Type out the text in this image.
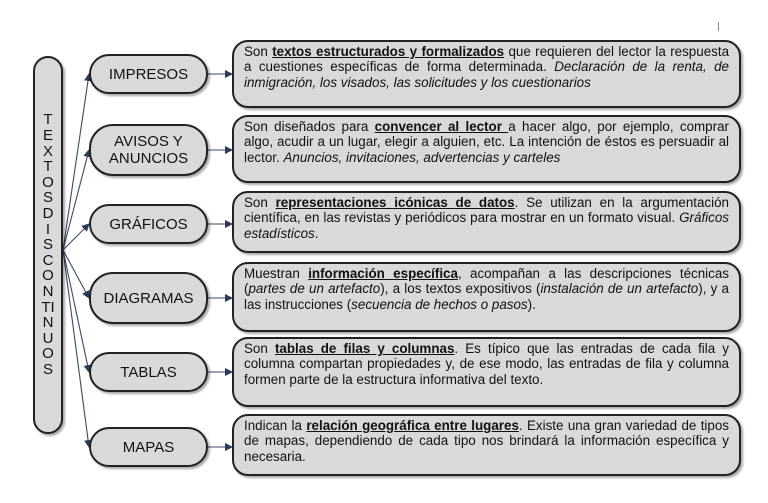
TEXTOS DISCONTINUOS
IMPRESOS
Son textos estructurados y formalizados que requieren del lector la respuesta a cuestiones específicas de forma determinada. Declaración de la renta, de inmigración, los visados, las solicitudes y los cuestionarios
AVISOS Y ANUNCIOS
Son diseñados para convencer al lector a hacer algo, por ejemplo, comprar algo, acudir a un lugar, elegir a alguien, etc. La intención de éstos es persuadir al lector. Anuncios, invitaciones, advertencias y carteles
GRÁFICOS
Son representaciones icónicas de datos. Se utilizan en la argumentación científica, en las revistas y periódicos para mostrar en un formato visual. Gráficos estadísticos.
DIAGRAMAS
Muestran información específica, acompañan a las descripciones técnicas (partes de un artefacto), a los textos expositivos (instalación de un artefacto), y a las instrucciones (secuencia de hechos o pasos).
TABLAS
Son tablas de filas y columnas. Es típico que las entradas de cada fila y columna compartan propiedades y, de ese modo, las entradas de fila y columna formen parte de la estructura informativa del texto.
MAPAS
Indican la relación geográfica entre lugares. Existe una gran variedad de tipos de mapas, dependiendo de cada tipo nos brindará la información específica y necesaria.
